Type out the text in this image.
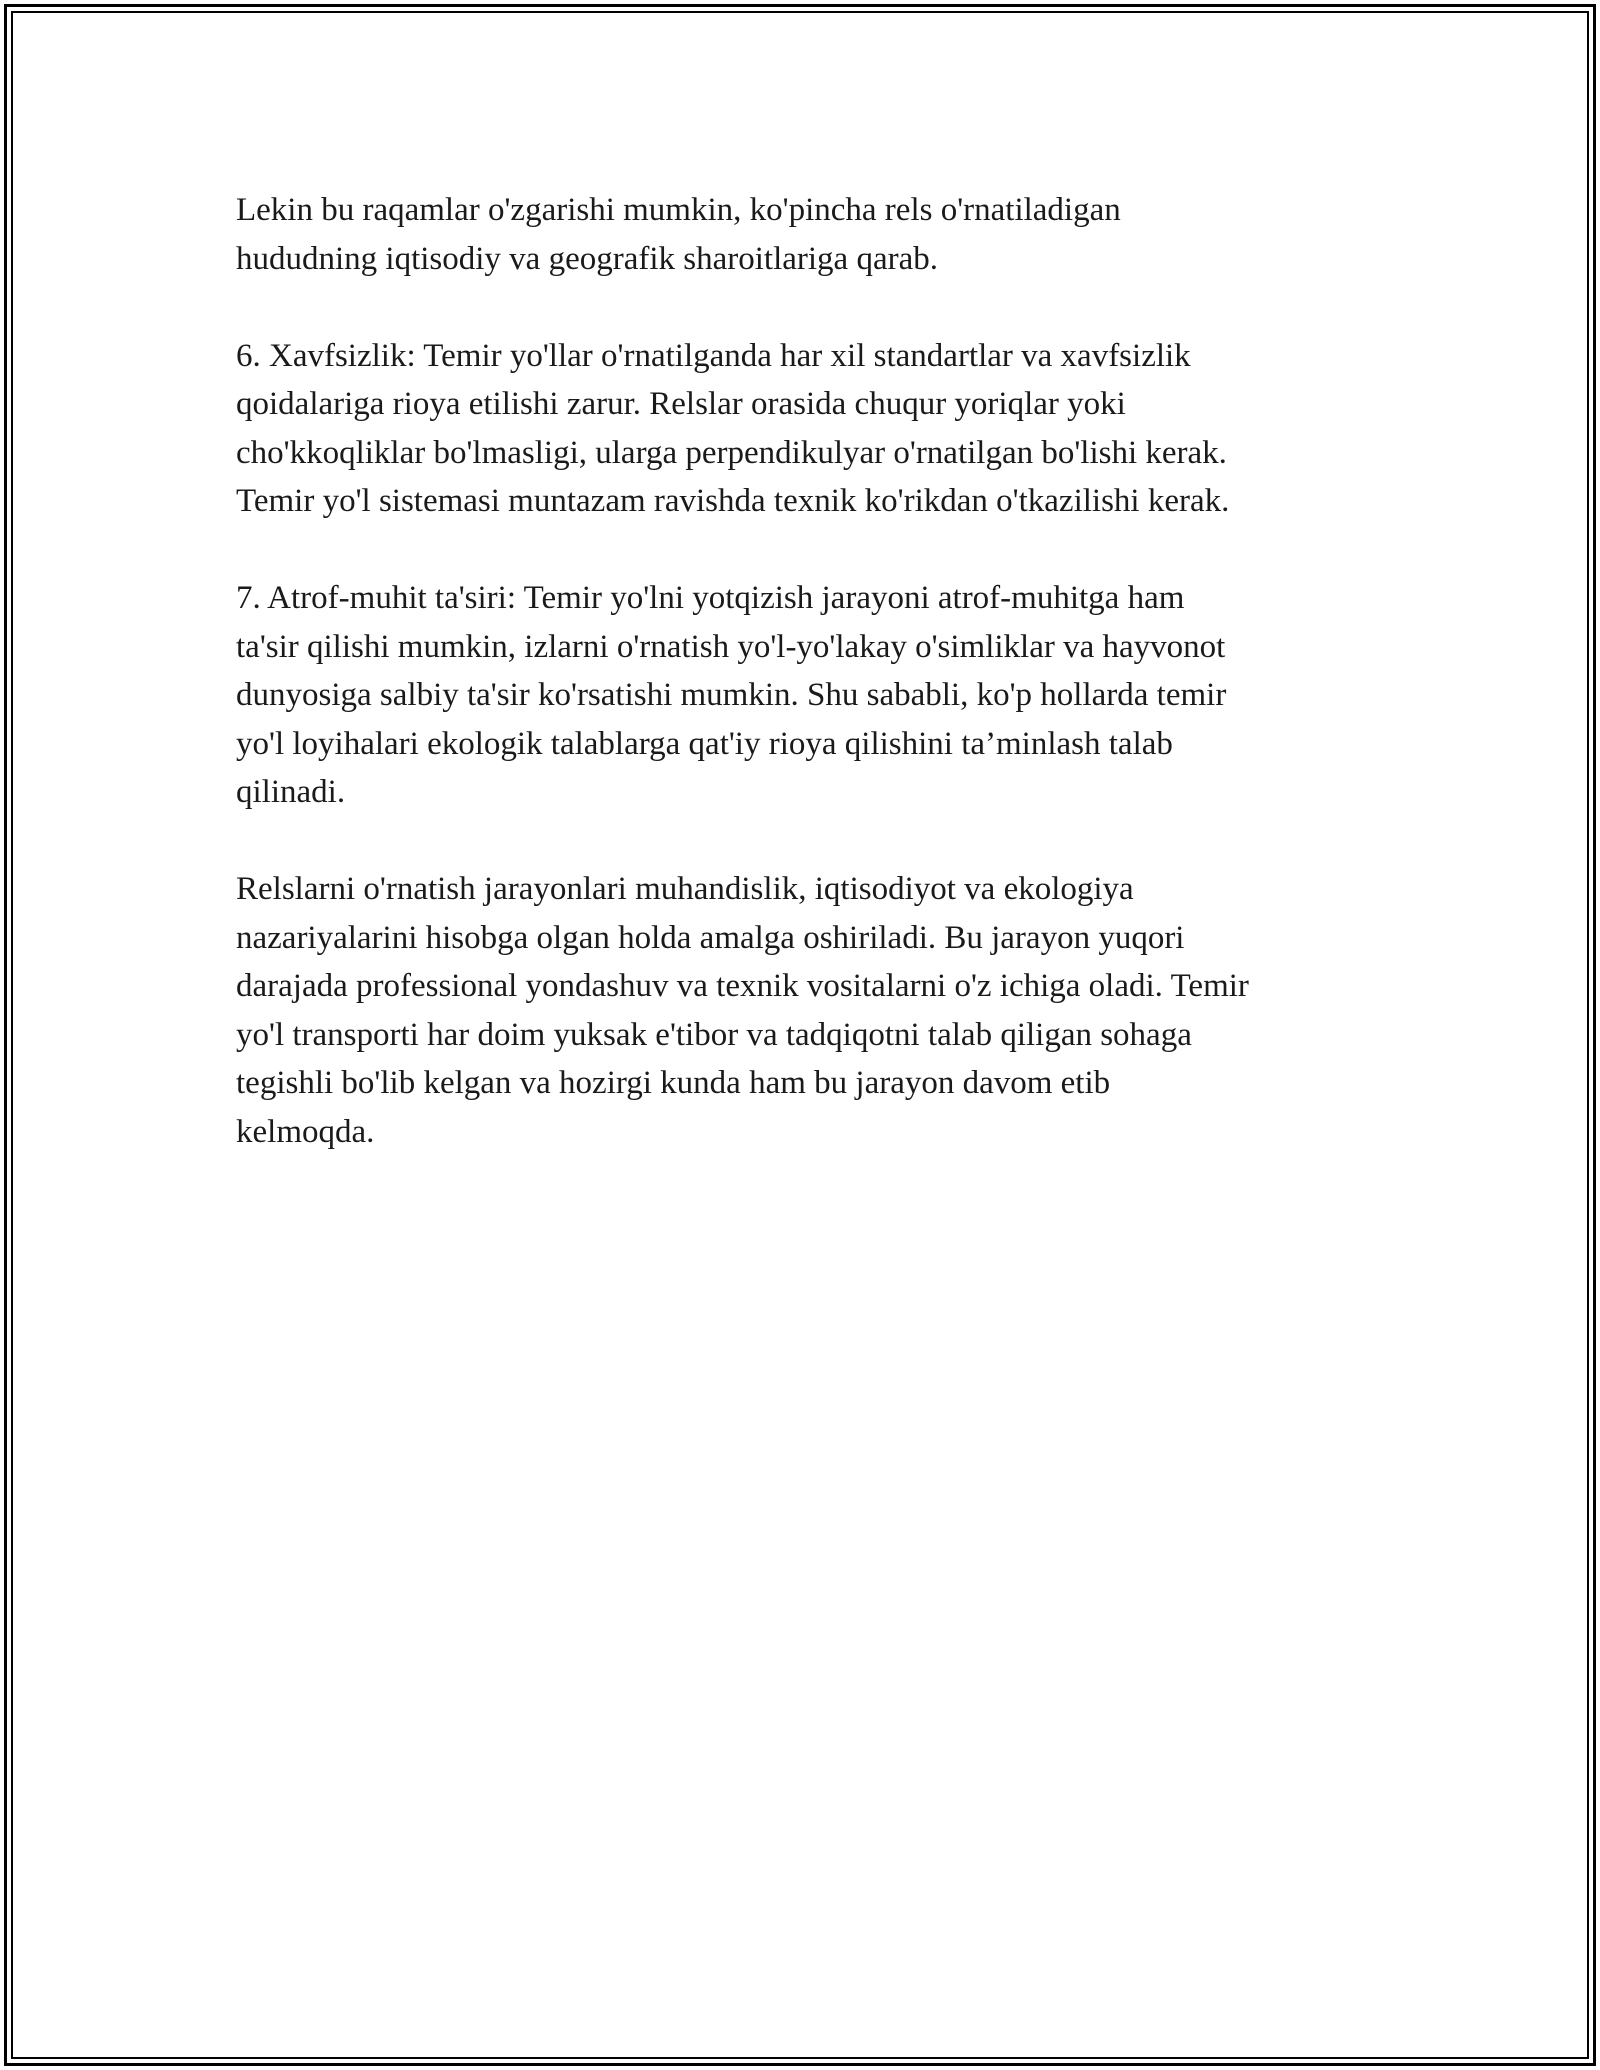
Lekin bu raqamlar o'zgarishi mumkin, ko'pincha rels o'rnatiladigan
hududning iqtisodiy va geografik sharoitlariga qarab.

6. Xavfsizlik: Temir yo'llar o'rnatilganda har xil standartlar va xavfsizlik
qoidalariga rioya etilishi zarur. Relslar orasida chuqur yoriqlar yoki
cho'kkoqliklar bo'lmasligi, ularga perpendikulyar o'rnatilgan bo'lishi kerak.
Temir yo'l sistemasi muntazam ravishda texnik ko'rikdan o'tkazilishi kerak.

7. Atrof-muhit ta'siri: Temir yo'lni yotqizish jarayoni atrof-muhitga ham
ta'sir qilishi mumkin, izlarni o'rnatish yo'l-yo'lakay o'simliklar va hayvonot
dunyosiga salbiy ta'sir ko'rsatishi mumkin. Shu sababli, ko'p hollarda temir
yo'l loyihalari ekologik talablarga qat'iy rioya qilishini ta’minlash talab
qilinadi.

Relslarni o'rnatish jarayonlari muhandislik, iqtisodiyot va ekologiya
nazariyalarini hisobga olgan holda amalga oshiriladi. Bu jarayon yuqori
darajada professional yondashuv va texnik vositalarni o'z ichiga oladi. Temir
yo'l transporti har doim yuksak e'tibor va tadqiqotni talab qiligan sohaga
tegishli bo'lib kelgan va hozirgi kunda ham bu jarayon davom etib
kelmoqda.
